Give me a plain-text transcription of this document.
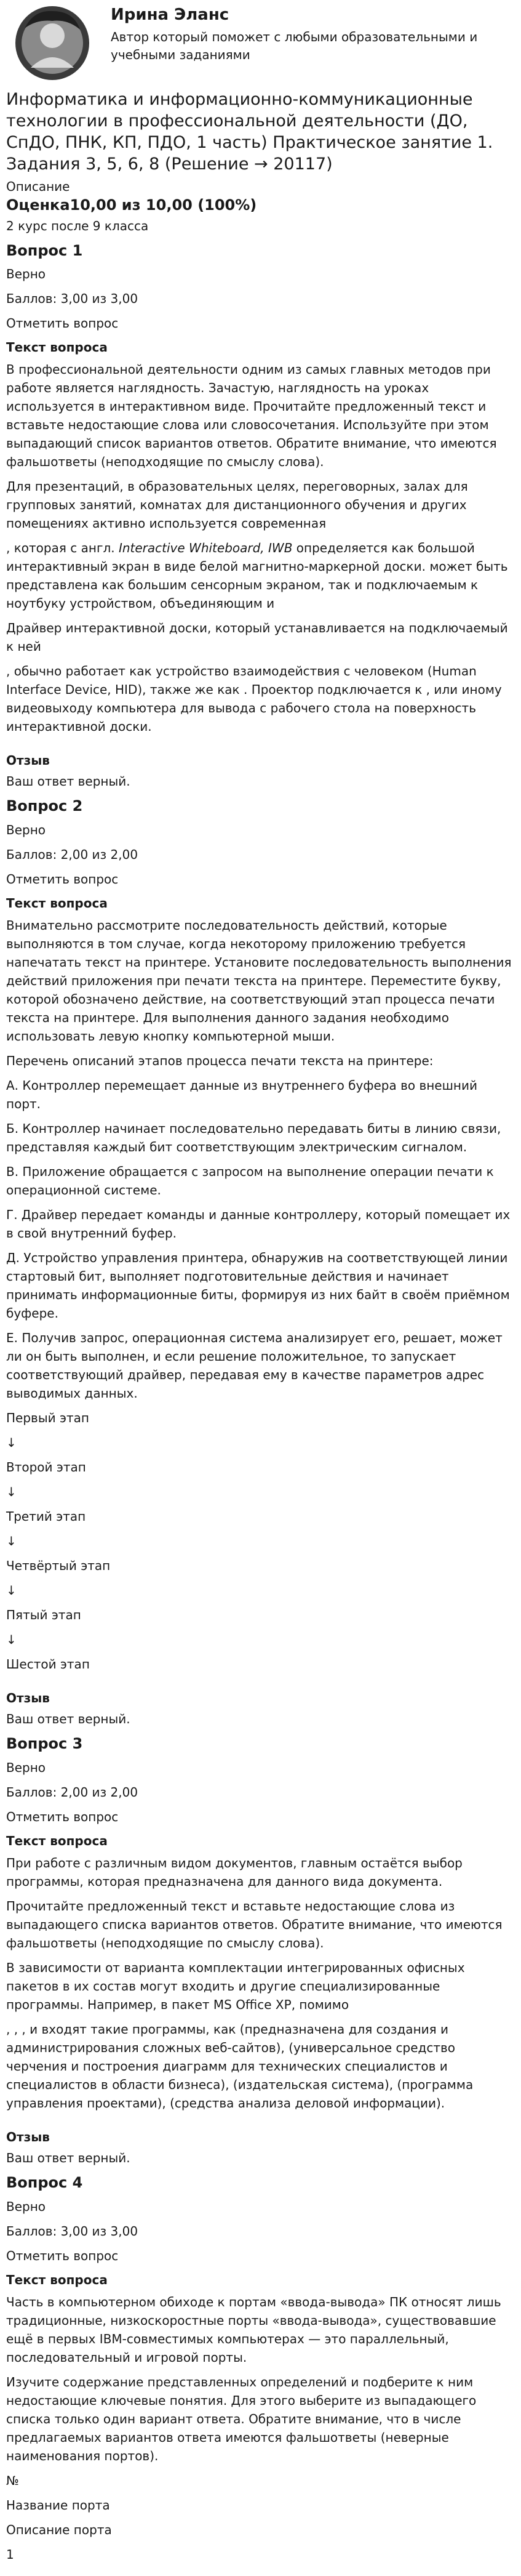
Ирина Эланс
Автор который поможет с любыми образовательными и учебными заданиями
Информатика и информационно-коммуникационные технологии в профессиональной деятельности (ДО, СпДО, ПНК, КП, ПДО, 1 часть) Практическое занятие 1. Задания 3, 5, 6, 8 (Решение → 20117)
Описание
Оценка10,00 из 10,00 (100%)
2 курс после 9 класса
Вопрос 1
Верно
Баллов: 3,00 из 3,00
Отметить вопрос
Текст вопроса

В профессиональной деятельности одним из самых главных методов при работе является наглядность. Зачастую, наглядность на уроках используется в интерактивном виде. Прочитайте предложенный текст и вставьте недостающие слова или словосочетания. Используйте при этом выпадающий список вариантов ответов. Обратите внимание, что имеются фальшответы (неподходящие по смыслу слова).

Для презентаций, в образовательных целях, переговорных, залах для групповых занятий, комнатах для дистанционного обучения и других помещениях активно используется современная

, которая с англ. Interactive Whiteboard, IWB определяется как большой интерактивный экран в виде белой магнитно-маркерной доски. может быть представлена как большим сенсорным экраном, так и подключаемым к ноутбуку устройством, объединяющим и

Драйвер интерактивной доски, который устанавливается на подключаемый к ней

, обычно работает как устройство взаимодействия с человеком (Human Interface Device, HID), также же как . Проектор подключается к , или иному видеовыходу компьютера для вывода с рабочего стола на поверхность интерактивной доски.

Отзыв
Ваш ответ верный.
Вопрос 2
Верно
Баллов: 2,00 из 2,00
Отметить вопрос
Текст вопроса

Внимательно рассмотрите последовательность действий, которые выполняются в том случае, когда некоторому приложению требуется напечатать текст на принтере. Установите последовательность выполнения действий приложения при печати текста на принтере. Переместите букву, которой обозначено действие, на соответствующий этап процесса печати текста на принтере. Для выполнения данного задания необходимо использовать левую кнопку компьютерной мыши.

Перечень описаний этапов процесса печати текста на принтере:

А. Контроллер перемещает данные из внутреннего буфера во внешний порт.

Б. Контроллер начинает последовательно передавать биты в линию связи, представляя каждый бит соответствующим электрическим сигналом.

В. Приложение обращается с запросом на выполнение операции печати к операционной системе.

Г. Драйвер передает команды и данные контроллеру, который помещает их в свой внутренний буфер.

Д. Устройство управления принтера, обнаружив на соответствующей линии стартовый бит, выполняет подготовительные действия и начинает принимать информационные биты, формируя из них байт в своём приёмном буфере.

Е. Получив запрос, операционная система анализирует его, решает, может ли он быть выполнен, и если решение положительное, то запускает соответствующий драйвер, передавая ему в качестве параметров адрес выводимых данных.

Первый этап
↓
Второй этап
↓
Третий этап
↓
Четвёртый этап
↓
Пятый этап
↓
Шестой этап
Отзыв
Ваш ответ верный.
Вопрос 3
Верно
Баллов: 2,00 из 2,00
Отметить вопрос
Текст вопроса

При работе с различным видом документов, главным остаётся выбор программы, которая предназначена для данного вида документа.

Прочитайте предложенный текст и вставьте недостающие слова из выпадающего списка вариантов ответов. Обратите внимание, что имеются фальшответы (неподходящие по смыслу слова).

В зависимости от варианта комплектации интегрированных офисных пакетов в их состав могут входить и другие специализированные программы. Например, в пакет MS Office XP, помимо

, , , и входят такие программы, как (предназначена для создания и администрирования сложных веб-сайтов), (универсальное средство черчения и построения диаграмм для технических специалистов и специалистов в области бизнеса), (издательская система), (программа управления проектами), (средства анализа деловой информации).

Отзыв
Ваш ответ верный.
Вопрос 4
Верно
Баллов: 3,00 из 3,00
Отметить вопрос
Текст вопроса

Часть в компьютерном обиходе к портам «ввода-вывода» ПК относят лишь традиционные, низкоскоростные порты «ввода-вывода», существовавшие ещё в первых IBM-совместимых компьютерах — это параллельный, последовательный и игровой порты.

Изучите содержание представленных определений и подберите к ним недостающие ключевые понятия. Для этого выберите из выпадающего списка только один вариант ответа. Обратите внимание, что в числе предлагаемых вариантов ответа имеются фальшответы (неверные наименования портов).

№
Название порта
Описание порта
1
